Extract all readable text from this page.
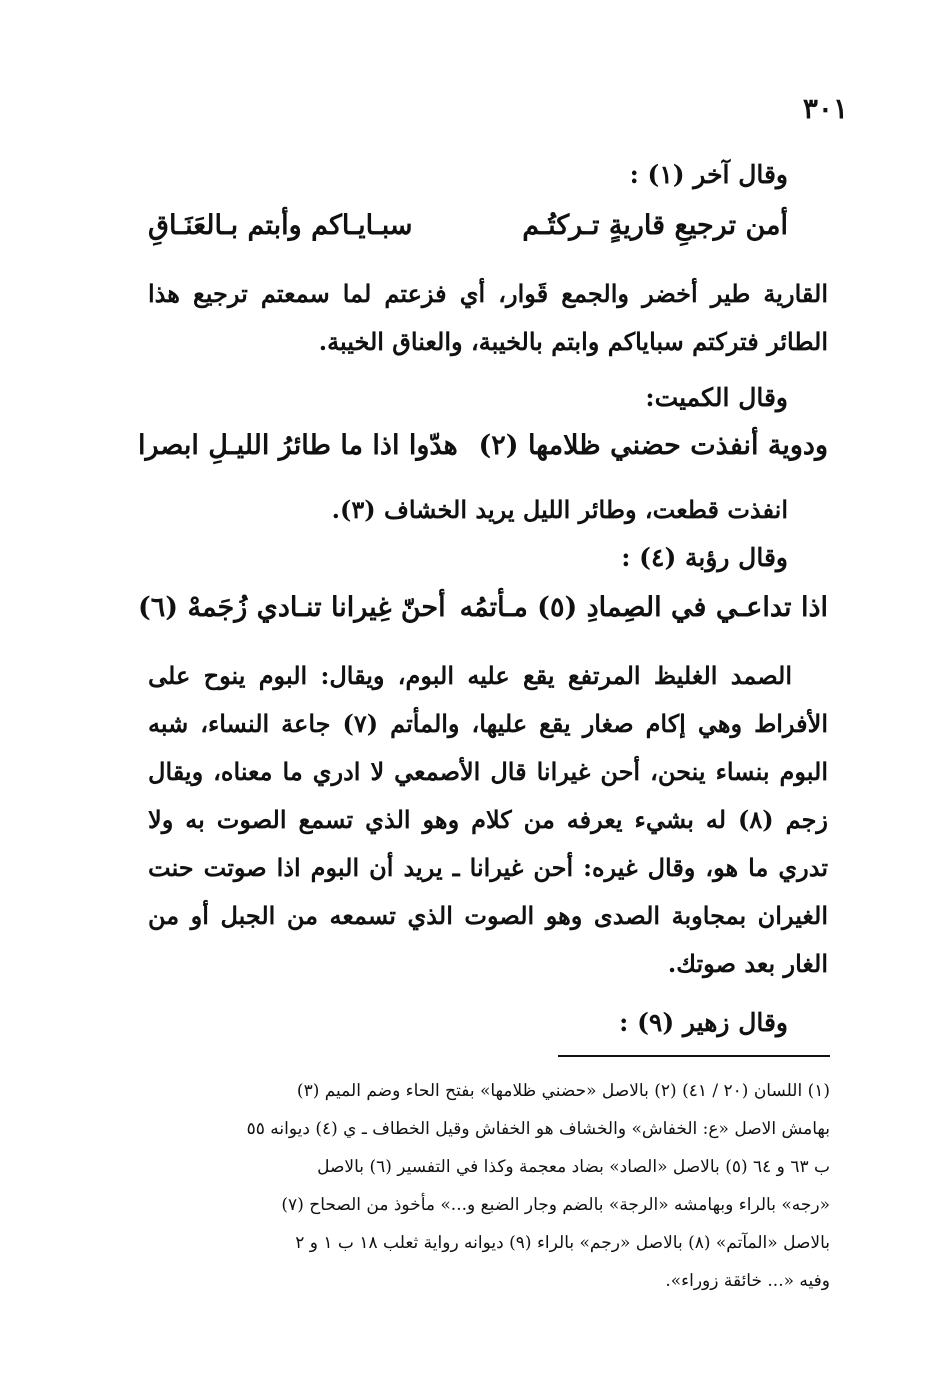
٣٠١
وقال آخر (١) :
أمن ترجيعِ قاريةٍ تـركتُـم
سبـايـاكم وأبتم بـالعَنَـاقِ
القارية طير أخضر والجمع قَوار، أي فزعتم لما سمعتم ترجيع هذا الطائر فتركتم سباياكم وابتم بالخيبة، والعناق الخيبة.
وقال الكميت:
ودوية أنفذت حضني ظلامها (٢)
هدّوا اذا ما طائرُ الليـلِ ابصرا
انفذت قطعت، وطائر الليل يريد الخشاف (٣).
وقال رؤبة (٤) :
اذا تداعـي في الصِمادِ (٥) مـأتمُه
أحنّ غِيرانا تنـادي زُجَمهْ (٦)
الصمد الغليظ المرتفع يقع عليه البوم، ويقال: البوم ينوح على الأفراط وهي إكام صغار يقع عليها، والمأتم (٧) جاعة النساء، شبه البوم بنساء ينحن، أحن غيرانا قال الأصمعي لا ادري ما معناه، ويقال زجم (٨) له بشيء يعرفه من كلام وهو الذي تسمع الصوت به ولا تدري ما هو، وقال غيره: أحن غيرانا ـ يريد أن البوم اذا صوتت حنت الغيران بمجاوبة الصدى وهو الصوت الذي تسمعه من الجبل أو من الغار بعد صوتك.
وقال زهير (٩) :

(١) اللسان (٢٠ / ٤١) (٢) بالاصل «حضني ظلامها» بفتح الحاء وضم الميم (٣)

بهامش الاصل «ع: الخفاش» والخشاف هو الخفاش وقيل الخطاف ـ ي (٤) ديوانه ٥٥

ب ٦٣ و ٦٤ (٥) بالاصل «الصاد» بضاد معجمة وكذا في التفسير (٦) بالاصل

«رجه» بالراء وبهامشه «الرجة» بالضم وجار الضبع و...» مأخوذ من الصحاح (٧)

بالاصل «المآتم» (٨) بالاصل «رجم» بالراء (٩) ديوانه رواية ثعلب ١٨ ب ١ و ٢

وفيه «... خائقة زوراء».
